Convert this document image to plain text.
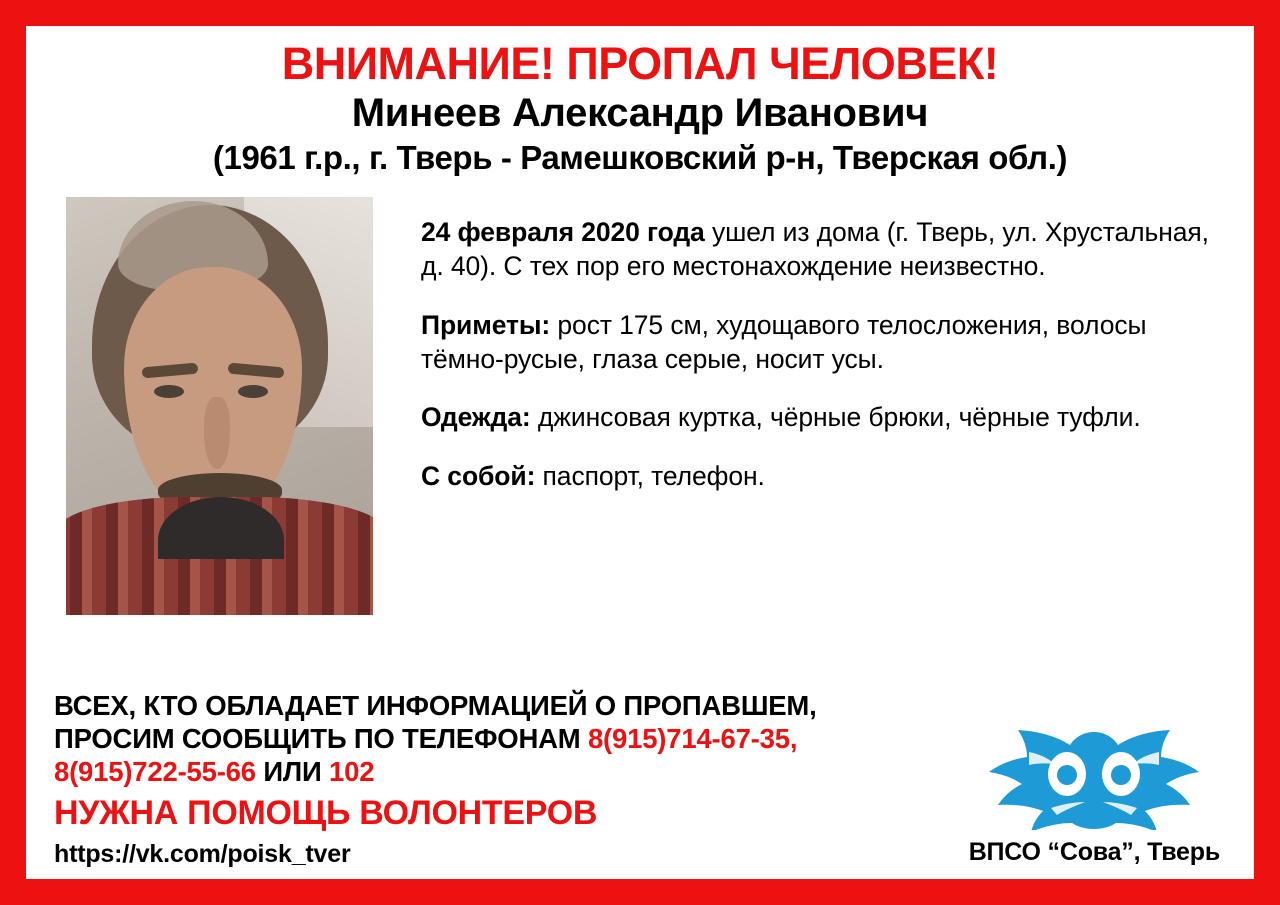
ВНИМАНИЕ! ПРОПАЛ ЧЕЛОВЕК!
Минеев Александр Иванович
(1961 г.р., г. Тверь - Рамешковский р-н, Тверская обл.)

24 февраля 2020 года ушел из дома (г. Тверь, ул. Хрустальная, д. 40). С тех пор его местонахождение неизвестно.

Приметы: рост 175 см, худощавого телосложения, волосы тёмно-русые, глаза серые, носит усы.

Одежда: джинсовая куртка, чёрные брюки, чёрные туфли.

С собой: паспорт, телефон.

ВСЕХ, КТО ОБЛАДАЕТ ИНФОРМАЦИЕЙ О ПРОПАВШЕМ,
ПРОСИМ СООБЩИТЬ ПО ТЕЛЕФОНАМ 8(915)714-67-35,
8(915)722-55-66 ИЛИ 102
НУЖНА ПОМОЩЬ ВОЛОНТЕРОВ
https://vk.com/poisk_tver	ВПСО “Сова”, Тверь
